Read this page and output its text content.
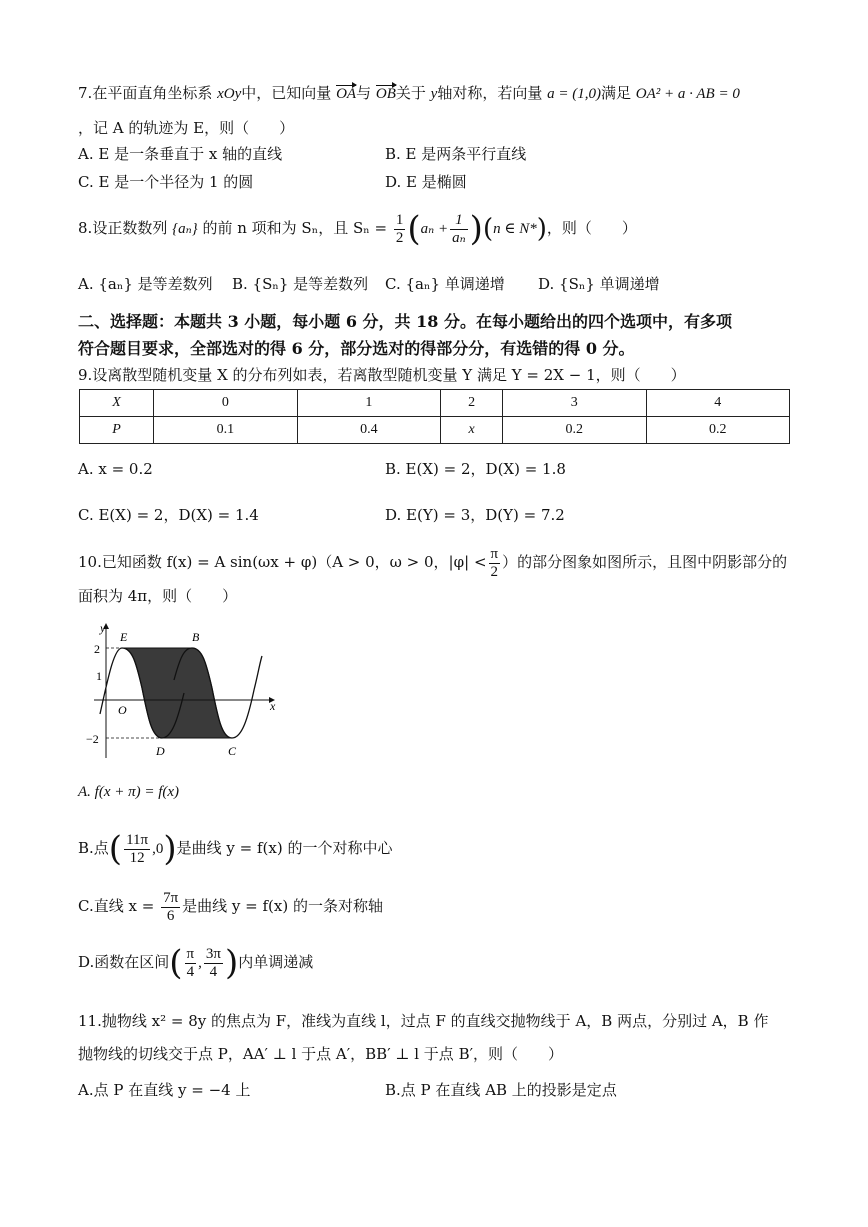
7.在平面直角坐标系 xOy中，已知向量 OA与 OB关于 y轴对称，若向量 a = (1,0)满足 OA² + a · AB = 0
，记 A 的轨迹为 E，则（　　）
A. E 是一条垂直于 x 轴的直线	B. E 是两条平行直线
C. E 是一个半径为 1 的圆	D. E 是椭圆
8.设正数数列 {aₙ} 的前 n 项和为 Sₙ，且 $S_n = \frac{1}{2} (a_n + \frac{1}{\text{aₙ}} )(n$ ∈ N*)，则（　　）
A. {aₙ} 是等差数列 B. {Sₙ} 是等差数列 C. {aₙ} 单调递增 D. {Sₙ} 单调递增
二、选择题：本题共 3 小题，每小题 6 分，共 18 分。在每小题给出的四个选项中，有多项
符合题目要求，全部选对的得 6 分，部分选对的得部分分，有选错的得 0 分。
9.设离散型随机变量 X 的分布列如表，若离散型随机变量 Y 满足 Y = 2X − 1，则（　　）
X	0	1	2	3	4
P	0.1	0.4	x	0.2	0.2
A. x = 0.2	B. E(X) = 2，D(X) = 1.8
C. E(X) = 2，D(X) = 1.4	D. E(Y) = 3，D(Y) = 7.2
10.已知函数 f(x) = A sin(ωx + φ)（A > 0，ω > 0，$|\varphi| < \frac{\pi}{2}$ ）的部分图象如图所示，且图中阴影部分的
面积为 4π，则（　　）
y
x
O
E	B
D	C
2
1
−2
A. f(x + π) = f(x)
B.点( $\frac{11\pi}{12} ,0$)是曲线 y = f(x) 的一个对称中心
C.直线 $x = \frac{7\pi}{6}$ 是曲线 y = f(x) 的一条对称轴
D.函数在区间( $\frac{\pi}{4}$ , $\frac{3\pi}{4}$ )内单调递减
11.抛物线 x² = 8y 的焦点为 F，准线为直线 l，过点 F 的直线交抛物线于 A，B 两点，分别过 A，B 作
抛物线的切线交于点 P，AA′ ⊥ l 于点 A′，BB′ ⊥ l 于点 B′，则（　　）
A.点 P 在直线 y = −4 上	B.点 P 在直线 AB 上的投影是定点
